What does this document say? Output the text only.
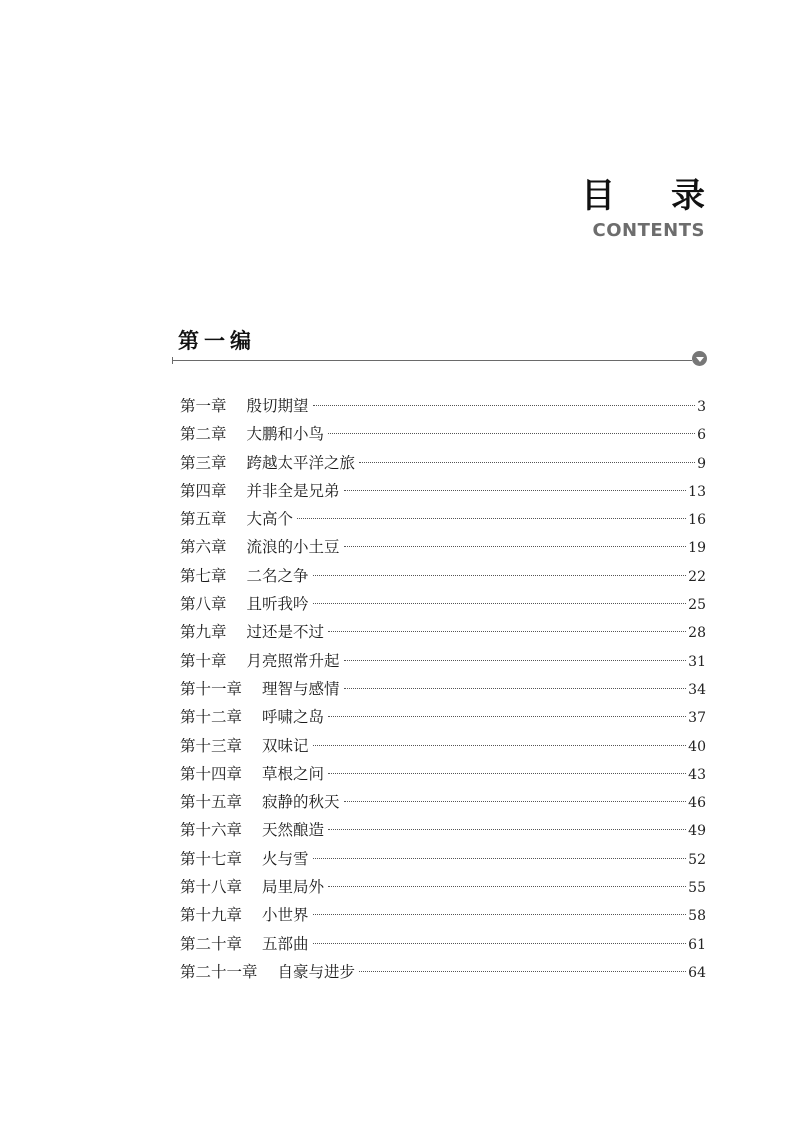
目 录
CONTENTS
第一编
第一章 殷切期望	3
第二章 大鹏和小鸟	6
第三章 跨越太平洋之旅	9
第四章 并非全是兄弟	13
第五章 大高个	16
第六章 流浪的小土豆	19
第七章 二名之争	22
第八章 且听我吟	25
第九章 过还是不过	28
第十章 月亮照常升起	31
第十一章 理智与感情	34
第十二章 呼啸之岛	37
第十三章 双味记	40
第十四章 草根之问	43
第十五章 寂静的秋天	46
第十六章 天然酿造	49
第十七章 火与雪	52
第十八章 局里局外	55
第十九章 小世界	58
第二十章 五部曲	61
第二十一章 自豪与进步	64
